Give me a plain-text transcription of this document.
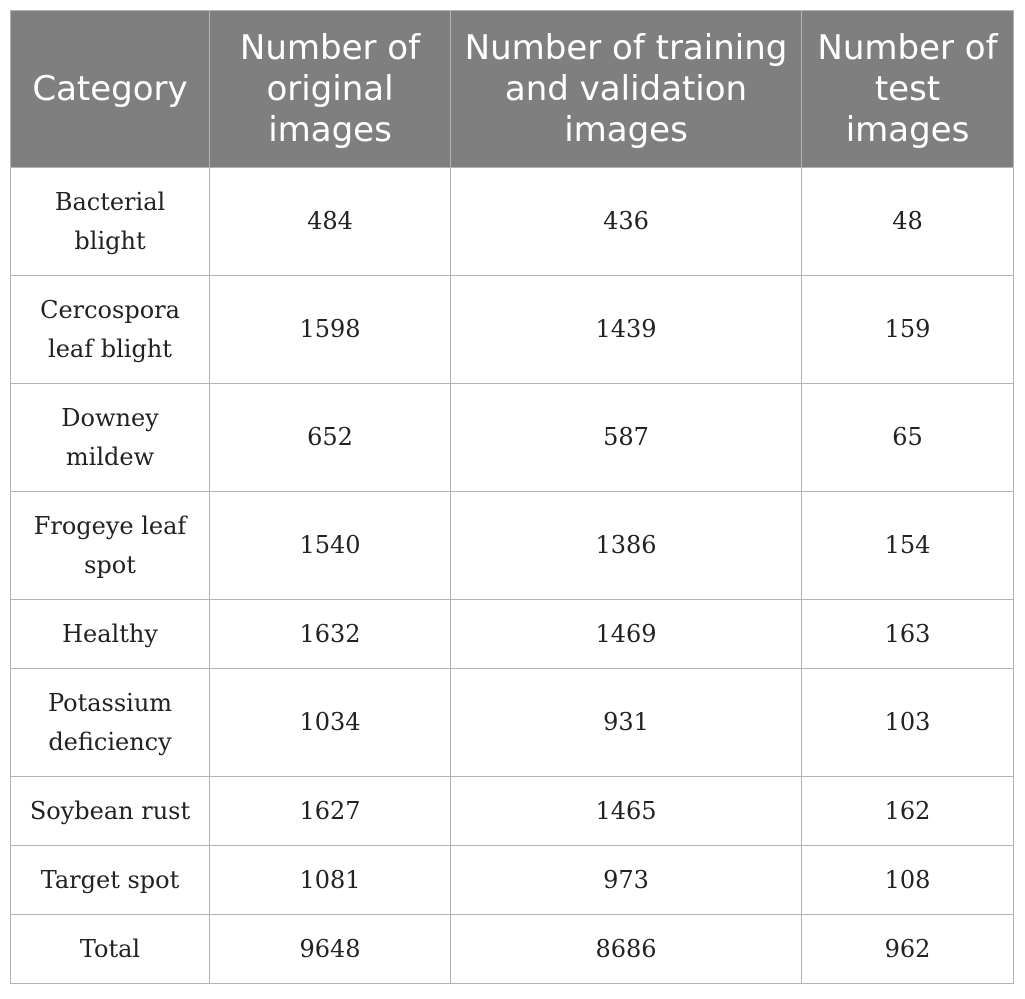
Category	Number of original images	Number of training and validation images	Number of test images
Bacterial blight	484	436	48
Cercospora leaf blight	1598	1439	159
Downey mildew	652	587	65
Frogeye leaf spot	1540	1386	154
Healthy	1632	1469	163
Potassium deficiency	1034	931	103
Soybean rust	1627	1465	162
Target spot	1081	973	108
Total	9648	8686	962
